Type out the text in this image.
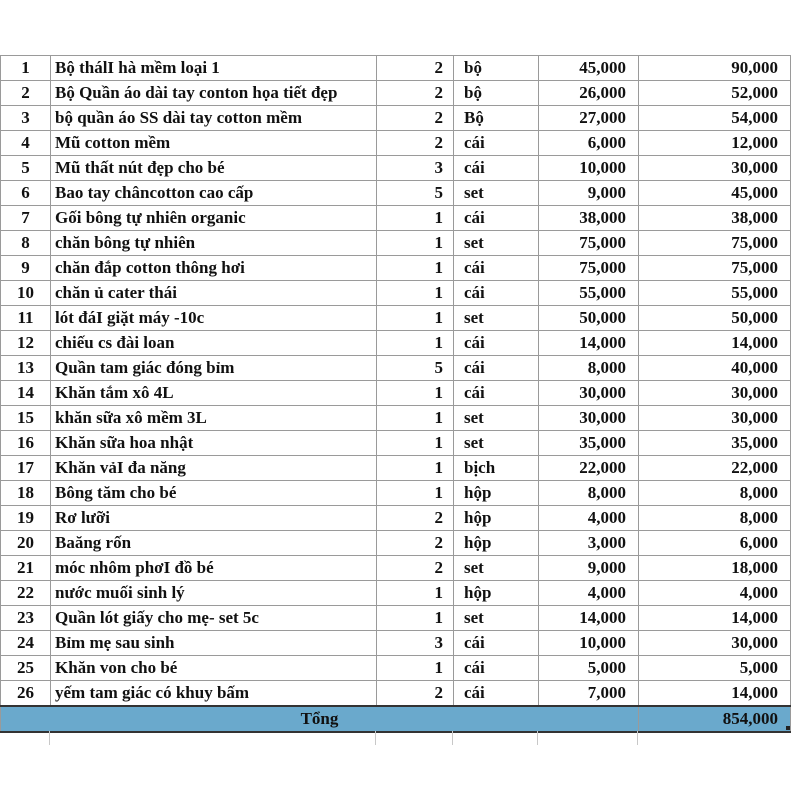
1	Bộ thálI hà mềm loại 1	2	bộ	45,000	90,000
2	Bộ Quần áo dài tay conton họa tiết đẹp	2	bộ	26,000	52,000
3	bộ quần áo SS dài tay cotton mềm	2	Bộ	27,000	54,000
4	Mũ cotton mềm	2	cái	6,000	12,000
5	Mũ thất nút đẹp cho bé	3	cái	10,000	30,000
6	Bao tay châncotton cao cấp	5	set	9,000	45,000
7	Gối bông tự nhiên organic	1	cái	38,000	38,000
8	chăn bông tự nhiên	1	set	75,000	75,000
9	chăn đắp cotton thông hơi	1	cái	75,000	75,000
10	chăn ủ cater thái	1	cái	55,000	55,000
11	lót đáI giặt máy -10c	1	set	50,000	50,000
12	chiếu cs đài loan	1	cái	14,000	14,000
13	Quần tam giác đóng bỉm	5	cái	8,000	40,000
14	Khăn tắm xô 4L	1	cái	30,000	30,000
15	khăn sữa xô mềm 3L	1	set	30,000	30,000
16	Khăn sữa hoa nhật	1	set	35,000	35,000
17	Khăn vảI đa năng	1	bịch	22,000	22,000
18	Bông tăm cho bé	1	hộp	8,000	8,000
19	Rơ lưỡi	2	hộp	4,000	8,000
20	Baăng rốn	2	hộp	3,000	6,000
21	móc nhôm phơI đồ bé	2	set	9,000	18,000
22	nước muối sinh lý	1	hộp	4,000	4,000
23	Quần lót giấy cho mẹ- set 5c	1	set	14,000	14,000
24	Bỉm mẹ sau sinh	3	cái	10,000	30,000
25	Khăn von cho bé	1	cái	5,000	5,000
26	yếm tam giác có khuy bấm	2	cái	7,000	14,000
Tổng					854,000
